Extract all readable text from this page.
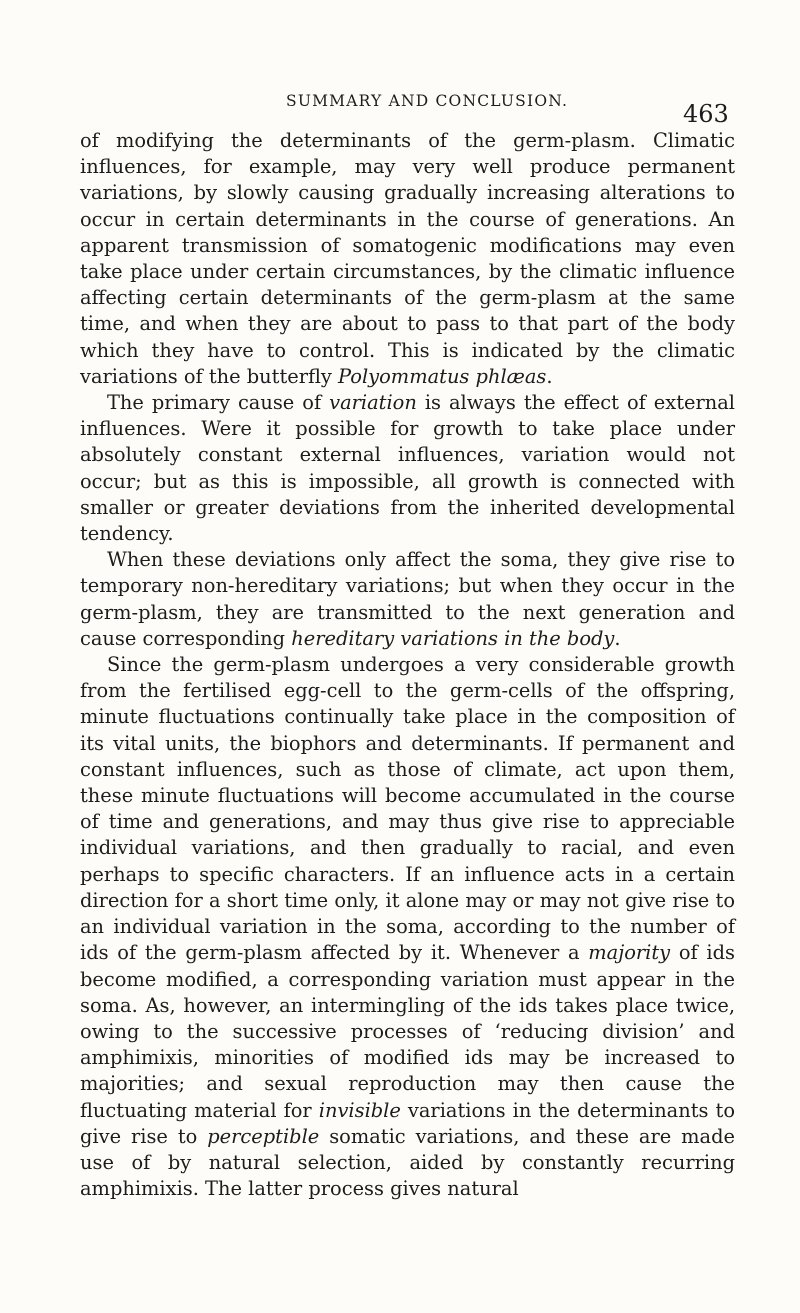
SUMMARY AND CONCLUSION.	463

of modifying the determinants of the germ-plasm. Climatic influences, for example, may very well produce permanent variations, by slowly causing gradually increasing alterations to occur in certain determinants in the course of generations. An apparent transmission of somatogenic modifications may even take place under certain circumstances, by the climatic influence affecting certain determinants of the germ-plasm at the same time, and when they are about to pass to that part of the body which they have to control. This is indicated by the climatic variations of the butterfly Polyommatus phlæas.

The primary cause of variation is always the effect of external influences. Were it possible for growth to take place under absolutely constant external influences, variation would not occur; but as this is impossible, all growth is connected with smaller or greater deviations from the inherited developmental tendency.

When these deviations only affect the soma, they give rise to temporary non-hereditary variations; but when they occur in the germ-plasm, they are transmitted to the next generation and cause corresponding hereditary variations in the body.

Since the germ-plasm undergoes a very considerable growth from the fertilised egg-cell to the germ-cells of the offspring, minute fluctuations continually take place in the composition of its vital units, the biophors and determinants. If permanent and constant influences, such as those of climate, act upon them, these minute fluctuations will become accumulated in the course of time and generations, and may thus give rise to appreciable individual variations, and then gradually to racial, and even perhaps to specific characters. If an influence acts in a certain direction for a short time only, it alone may or may not give rise to an individual variation in the soma, according to the number of ids of the germ-plasm affected by it. Whenever a majority of ids become modified, a corresponding variation must appear in the soma. As, however, an intermingling of the ids takes place twice, owing to the successive processes of ‘reducing division’ and amphimixis, minorities of modified ids may be increased to majorities; and sexual reproduction may then cause the fluctuating material for invisible variations in the determinants to give rise to perceptible somatic variations, and these are made use of by natural selection, aided by constantly recurring amphimixis. The latter process gives natural
